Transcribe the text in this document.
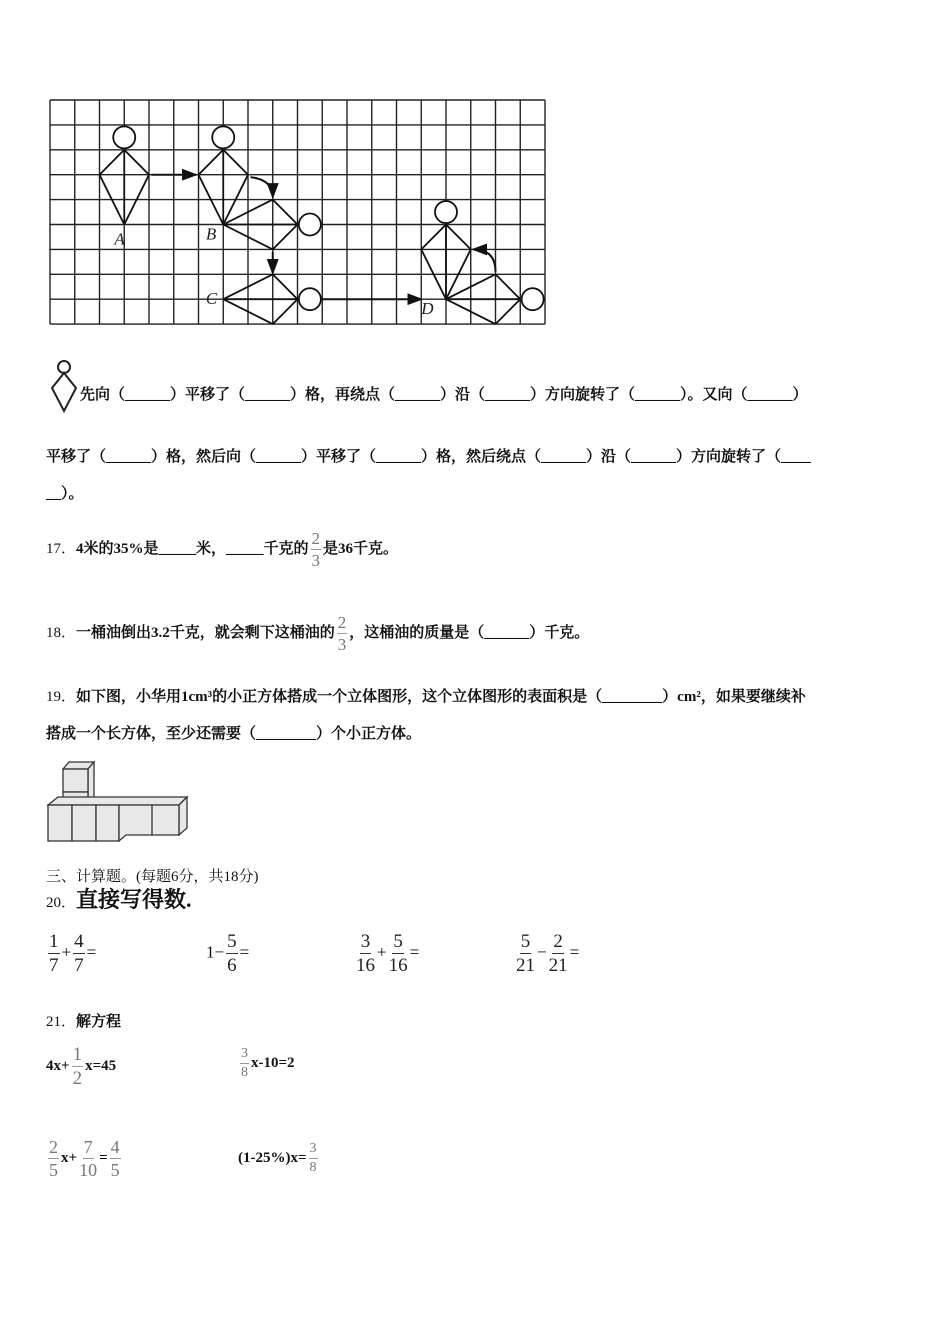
A	B
C
D
先向（______）平移了（______）格，再绕点（______）沿（______）方向旋转了（______）。又向（______）
平移了（______）格，然后向（______）平移了（______）格，然后绕点（______）沿（______）方向旋转了（____
__）。
17．4米的35%是_____米，_____千克的 $\frac{2}{3}$ 是36千克。
18．一桶油倒出3.2千克，就会剩下这桶油的 $\frac{2}{3}$ ，这桶油的质量是（______）千克。
19．如下图，小华用1cm³的小正方体搭成一个立体图形，这个立体图形的表面积是（________）cm²，如果要继续补
搭成一个长方体，至少还需要（________）个小正方体。
三、计算题。(每题6分，共18分)
20．直接写得数.
$\frac{1}{7} + \frac{4}{7}$ =	$1- \frac{5}{6}$ =	$\frac{3}{16} + \frac{5}{16}$ =	$\frac{5}{21} - \frac{2}{21}$ =
21．解方程
$4x+ \frac{1}{2} x=45$	$\frac{3}{8} x-10=2$
$\frac{2}{5} x+ \frac{7}{10} = \frac{4}{5}$	$(1-25\%)x= \frac{3}{8}$
